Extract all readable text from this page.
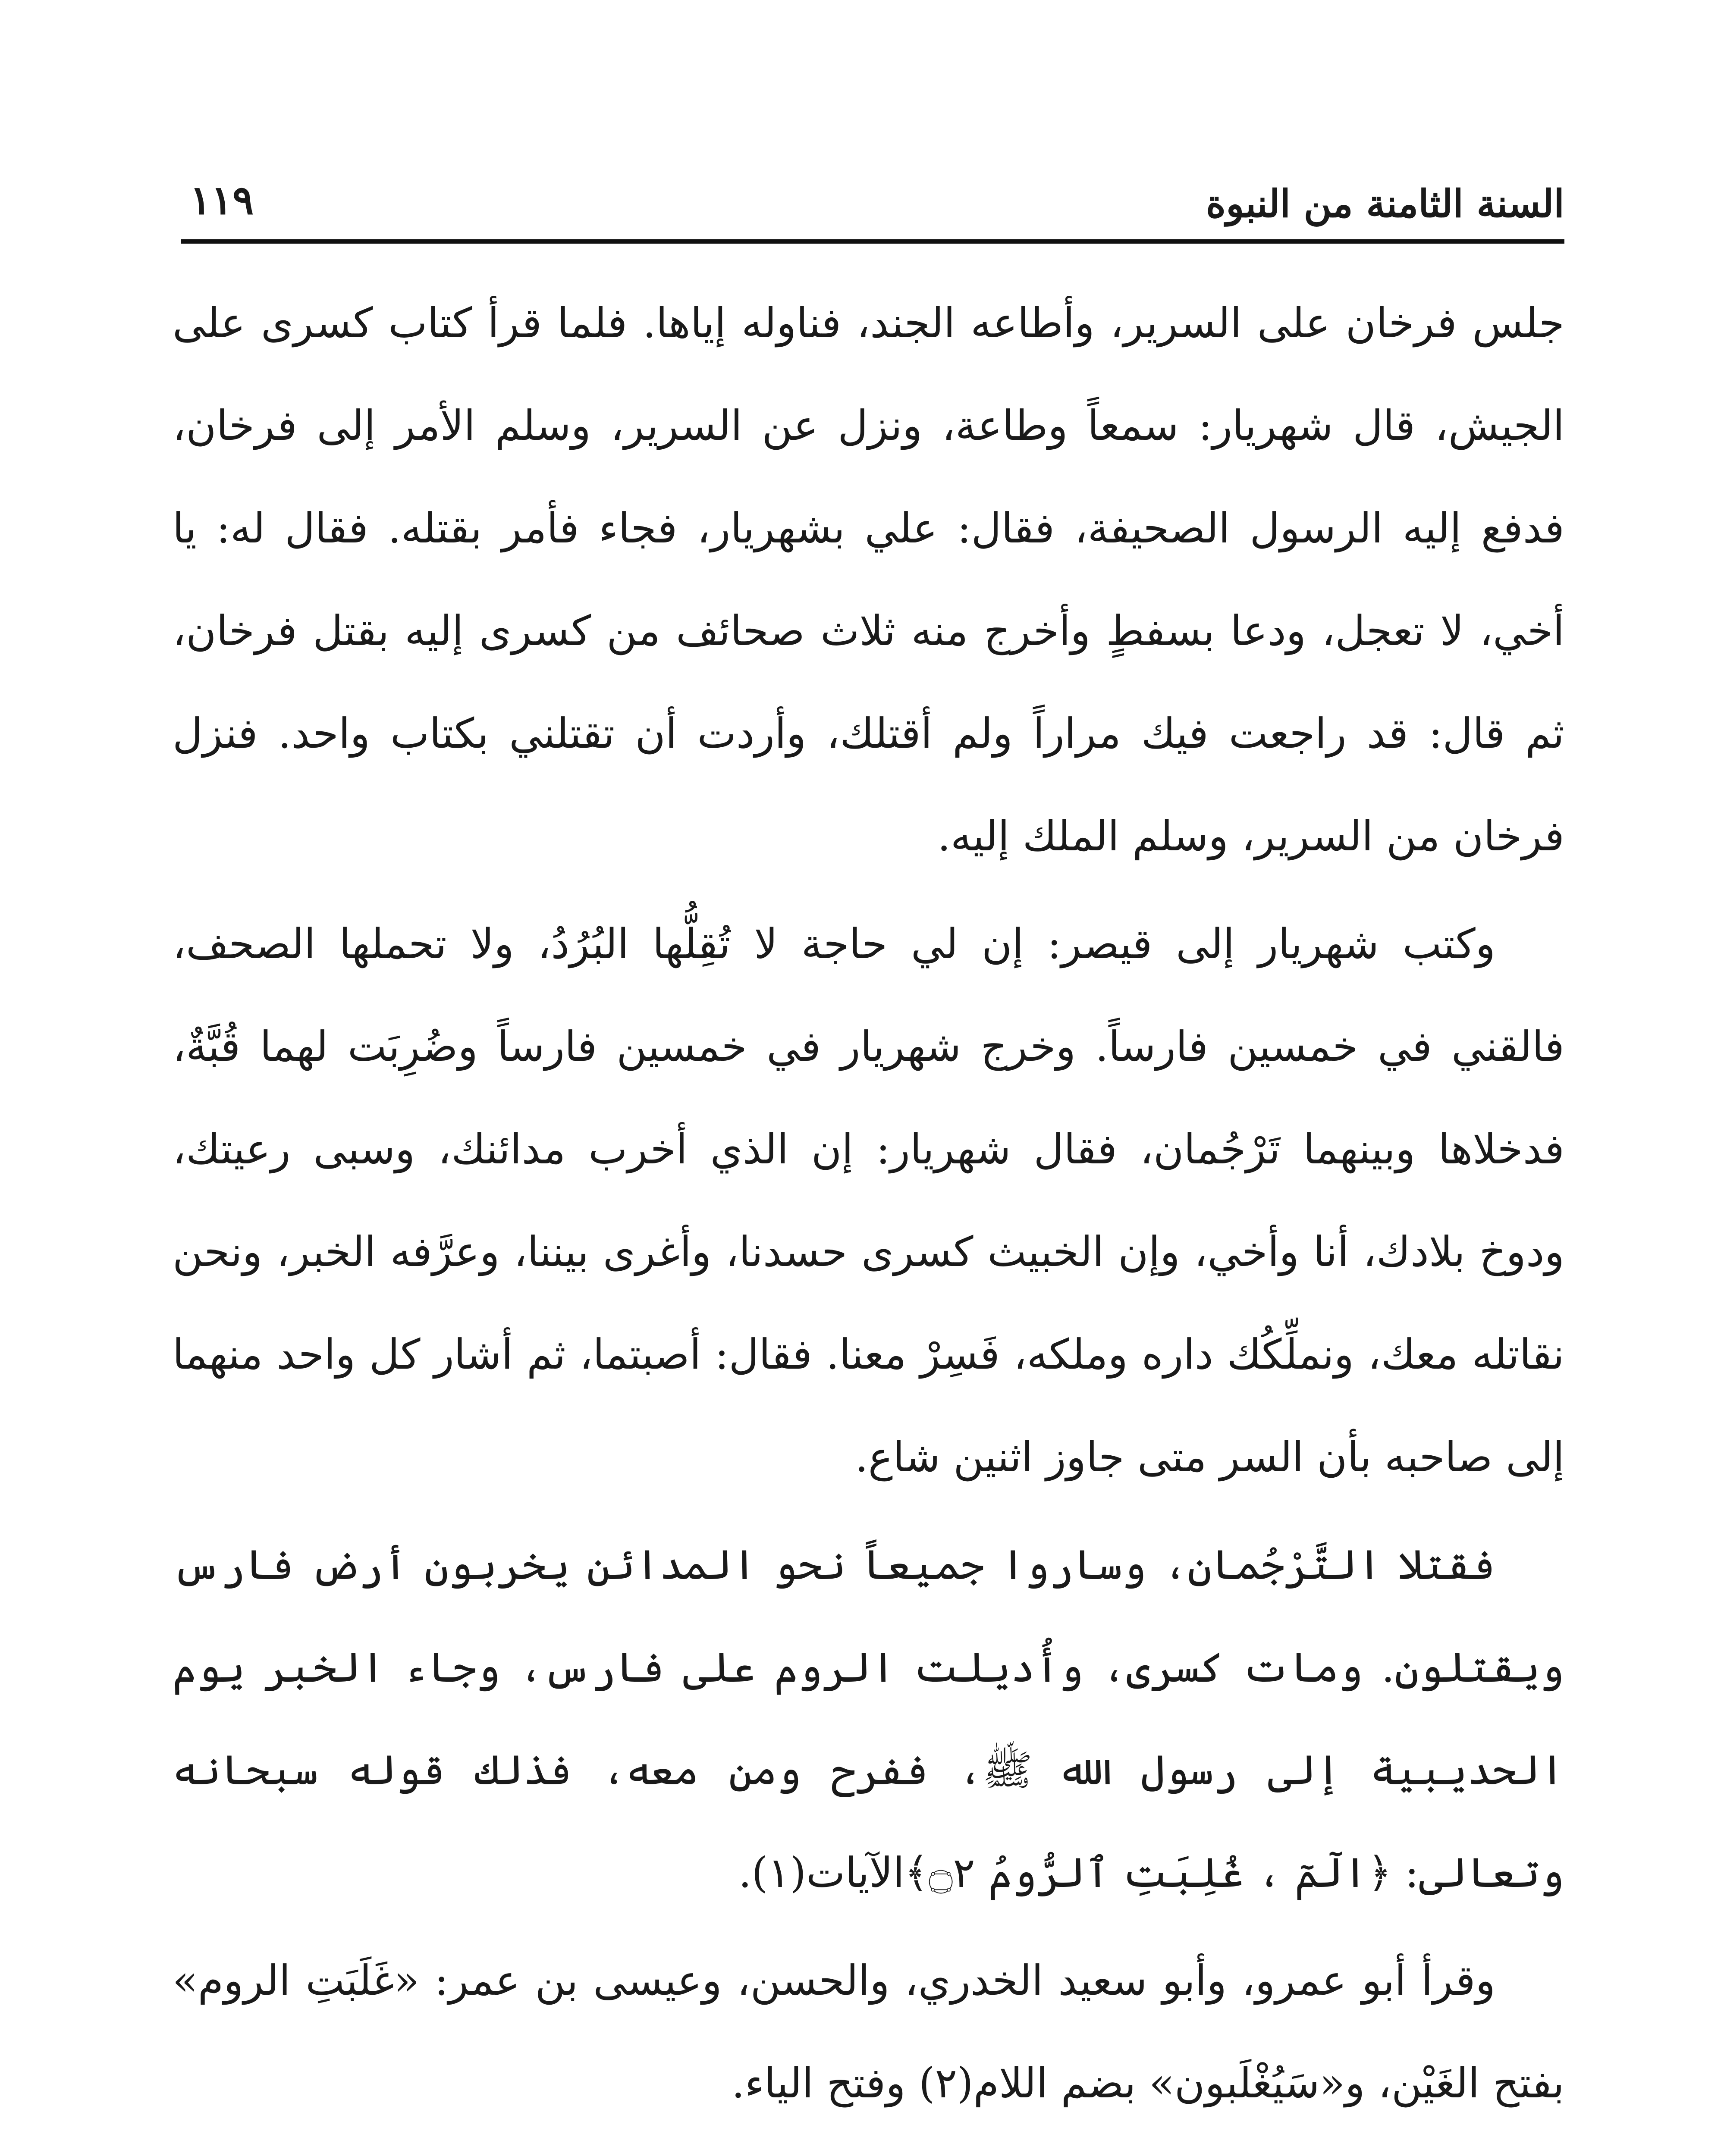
السنة الثامنة من النبوة
١١٩

جلس فرخان على السرير، وأطاعه الجند، فناوله إياها. فلما قرأ كتاب كسرى على الجيش، قال شهريار: سمعاً وطاعة، ونزل عن السرير، وسلم الأمر إلى فرخان، فدفع إليه الرسول الصحيفة، فقال: علي بشهريار، فجاء فأمر بقتله. فقال له: يا أخي، لا تعجل، ودعا بسفطٍ وأخرج منه ثلاث صحائف من كسرى إليه بقتل فرخان، ثم قال: قد راجعت فيك مراراً ولم أقتلك، وأردت أن تقتلني بكتاب واحد. فنزل فرخان من السرير، وسلم الملك إليه.

وكتب شهريار إلى قيصر: إن لي حاجة لا تُقِلُّها البُرُدُ، ولا تحملها الصحف، فالقني في خمسين فارساً. وخرج شهريار في خمسين فارساً وضُرِبَت لهما قُبَّةٌ، فدخلاها وبينهما تَرْجُمان، فقال شهريار: إن الذي أخرب مدائنك، وسبى رعيتك، ودوخ بلادك، أنا وأخي، وإن الخبيث كسرى حسدنا، وأغرى بيننا، وعرَّفه الخبر، ونحن نقاتله معك، ونملِّكُك داره وملكه، فَسِرْ معنا. فقال: أصبتما، ثم أشار كل واحد منهما إلى صاحبه بأن السر متى جاوز اثنين شاع.

فقتلا التَّرْجُمان، وساروا جميعاً نحو المدائن يخربون أرض فارس ويقتلون. ومات كسرى، وأُديلت الروم على فارس، وجاء الخبر يوم الحديبية إلى رسول الله ﷺ، ففرح ومن معه، فذلك قوله سبحانه وتعالى: ﴿الٓمٓ ، غُلِبَتِ ٱلرُّومُ ۝٢﴾الآيات(١).

وقرأ أبو عمرو، وأبو سعيد الخدري، والحسن، وعيسى بن عمر: «غَلَبَتِ الروم» بفتح الغَيْن، و«سَيُغْلَبون» بضم اللام(٢) وفتح الياء.
